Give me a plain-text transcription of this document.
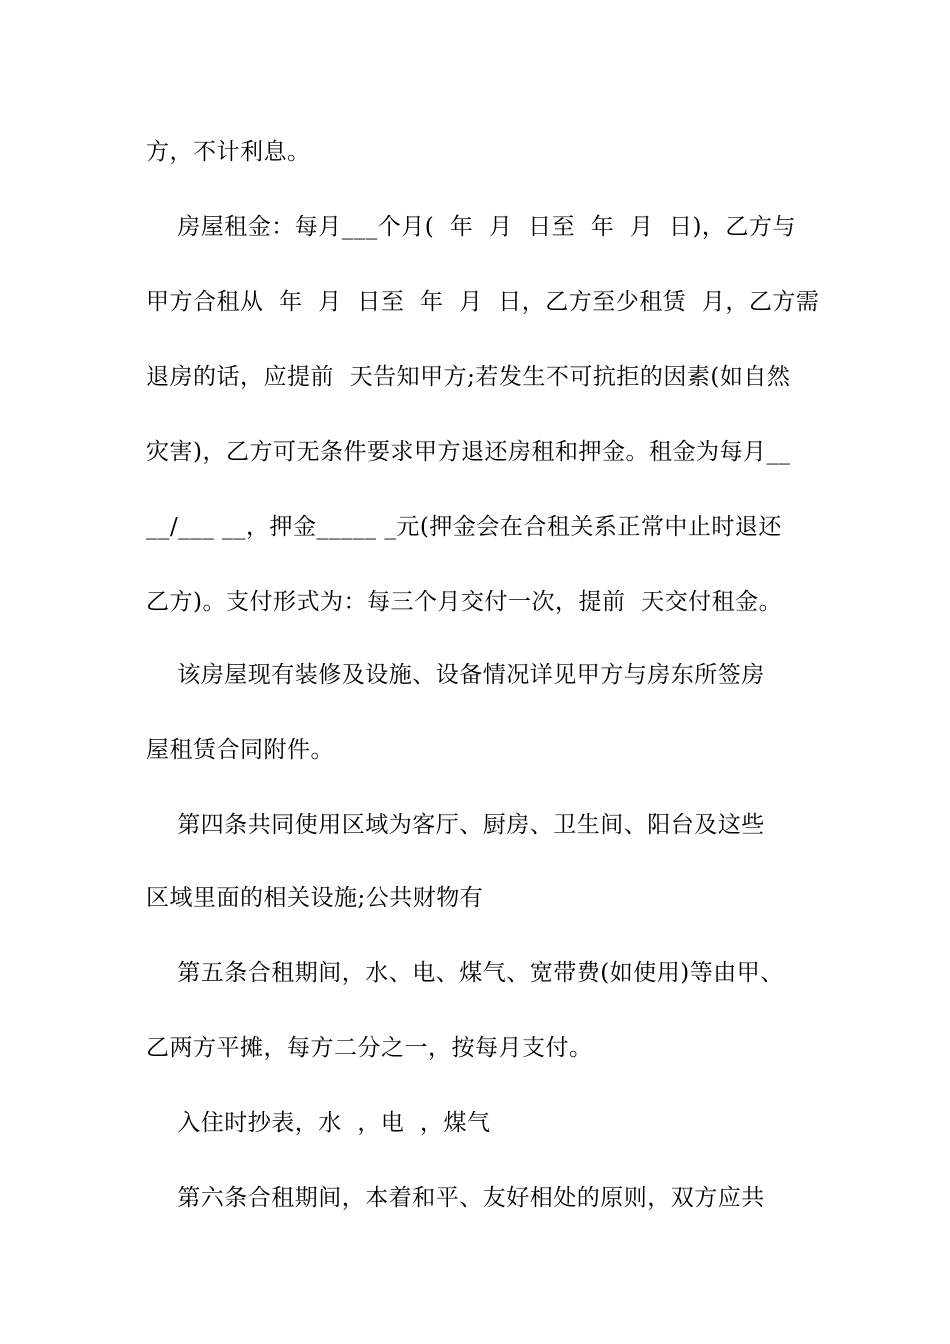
方，不计利息。
房屋租金：每月___个月(  年  月  日至  年  月  日)，乙方与
甲方合租从  年  月  日至  年  月  日，乙方至少租赁  月，乙方需
退房的话，应提前  天告知甲方;若发生不可抗拒的因素(如自然
灾害)，乙方可无条件要求甲方退还房租和押金。租金为每月__
__/___ __，押金_____ _元(押金会在合租关系正常中止时退还
乙方)。支付形式为：每三个月交付一次，提前  天交付租金。
该房屋现有装修及设施、设备情况详见甲方与房东所签房
屋租赁合同附件。
第四条共同使用区域为客厅、厨房、卫生间、阳台及这些
区域里面的相关设施;公共财物有
第五条合租期间，水、电、煤气、宽带费(如使用)等由甲、
乙两方平摊，每方二分之一，按每月支付。
入住时抄表，水  ，电  ，煤气
第六条合租期间，本着和平、友好相处的原则，双方应共
